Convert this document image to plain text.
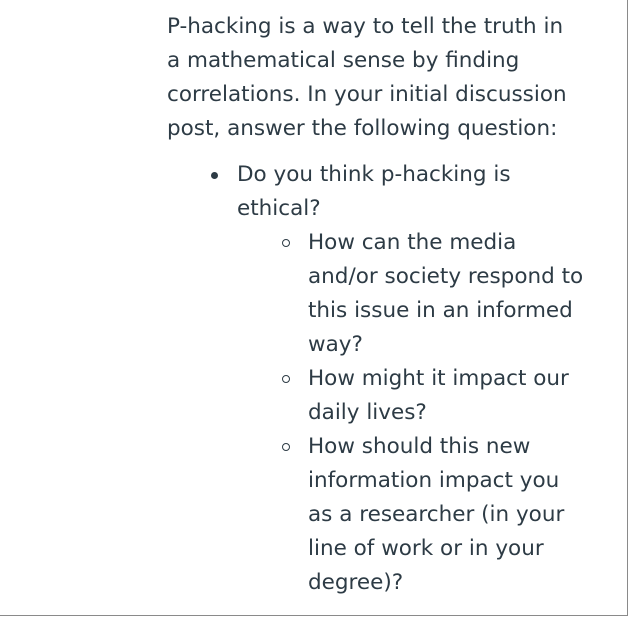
P-hacking is a way to tell the truth in a mathematical sense by finding correlations. In your initial discussion post, answer the following question:

Do you think p-hacking is ethical?
How can the media and/or society respond to this issue in an informed way?
How might it impact our daily lives?
How should this new information impact you as a researcher (in your line of work or in your degree)?
